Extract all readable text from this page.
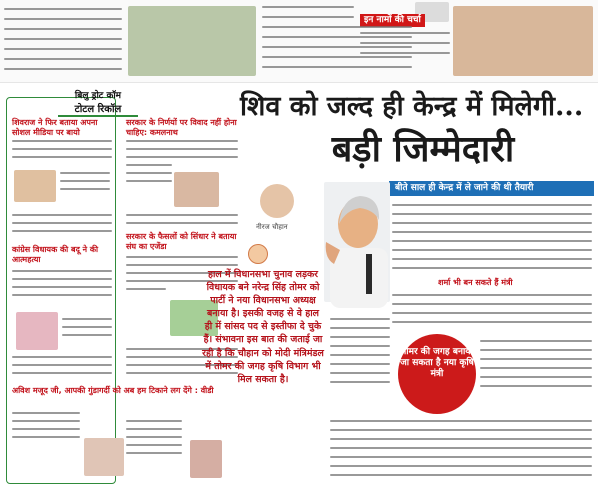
इन नामों की चर्चा
बिलु ड्रोट कॉम
टोटल रिकॉल
शिवराज ने फिर बताया अपना सोशल मीडिया पर बायो
सरकार के निर्णयों पर विवाद नहीं होना चाहिए: कमलनाथ
कांग्रेस विधायक की बदू ने की आत्महत्या
सरकार के फैसलों को सिंधार ने बताया संघ का एजेंडा
अविश मजूद जी, आपकी गुंडागर्दी को अब हम टिकाने लग देंगे : वीडी
शिव को जल्द ही केन्द्र में मिलेगी...
बड़ी जिम्मेदारी
बीते साल ही केन्द्र में ले जाने की थी तैयारी
नीरज चौहान
हाल में विधानसभा चुनाव लड़कर विधायक बने नरेन्द्र सिंह तोमर को पार्टी ने नया विधानसभा अध्यक्ष बनाया है। इसकी वजह से वे हाल ही में सांसद पद से इस्तीफा दे चुके हैं। संभावना इस बात की जताई जा रही है कि चौहान को मोदी मंत्रिमंडल में तोमर की जगह कृषि विभाग भी मिल सकता है।
शर्मा भी बन सकते हैं मंत्री
तोमर की जगह बनाया जा सकता है नया कृषि मंत्री
